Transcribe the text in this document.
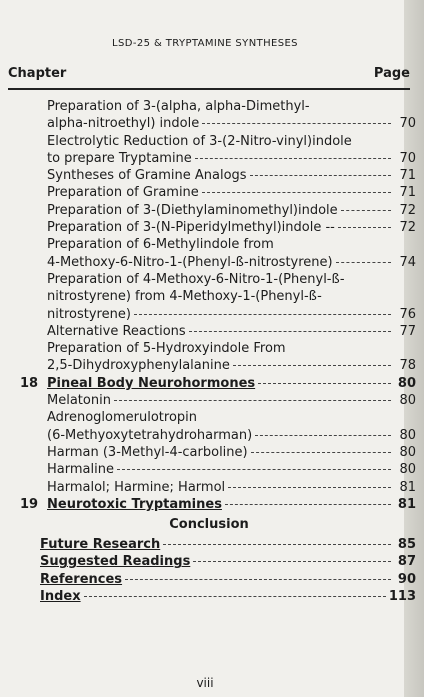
LSD-25 & TRYPTAMINE SYNTHESES
Chapter	Page
Preparation of 3-(alpha, alpha-Dimethyl-
alpha-nitroethyl) indole	70
Electrolytic Reduction of 3-(2-Nitro-vinyl)indole
to prepare Tryptamine	70
Syntheses of Gramine Analogs	71
Preparation of Gramine	71
Preparation of 3-(Diethylaminomethyl)indole	72
Preparation of 3-(N-Piperidylmethyl)indole --	72
Preparation of 6-Methylindole from
4-Methoxy-6-Nitro-1-(Phenyl-ß-nitrostyrene)	74
Preparation of 4-Methoxy-6-Nitro-1-(Phenyl-ß-
nitrostyrene) from 4-Methoxy-1-(Phenyl-ß-
nitrostyrene)	76
Alternative Reactions	77
Preparation of 5-Hydroxyindole From
2,5-Dihydroxyphenylalanine	78
18 Pineal Body Neurohormones	80
Melatonin	80
Adrenoglomerulotropin
(6-Methyoxytetrahydroharman)	80
Harman (3-Methyl-4-carboline)	80
Harmaline	80
Harmalol; Harmine; Harmol	81
19 Neurotoxic Tryptamines	81
Conclusion
Future Research	85
Suggested Readings	87
References	90
Index	113
viii
